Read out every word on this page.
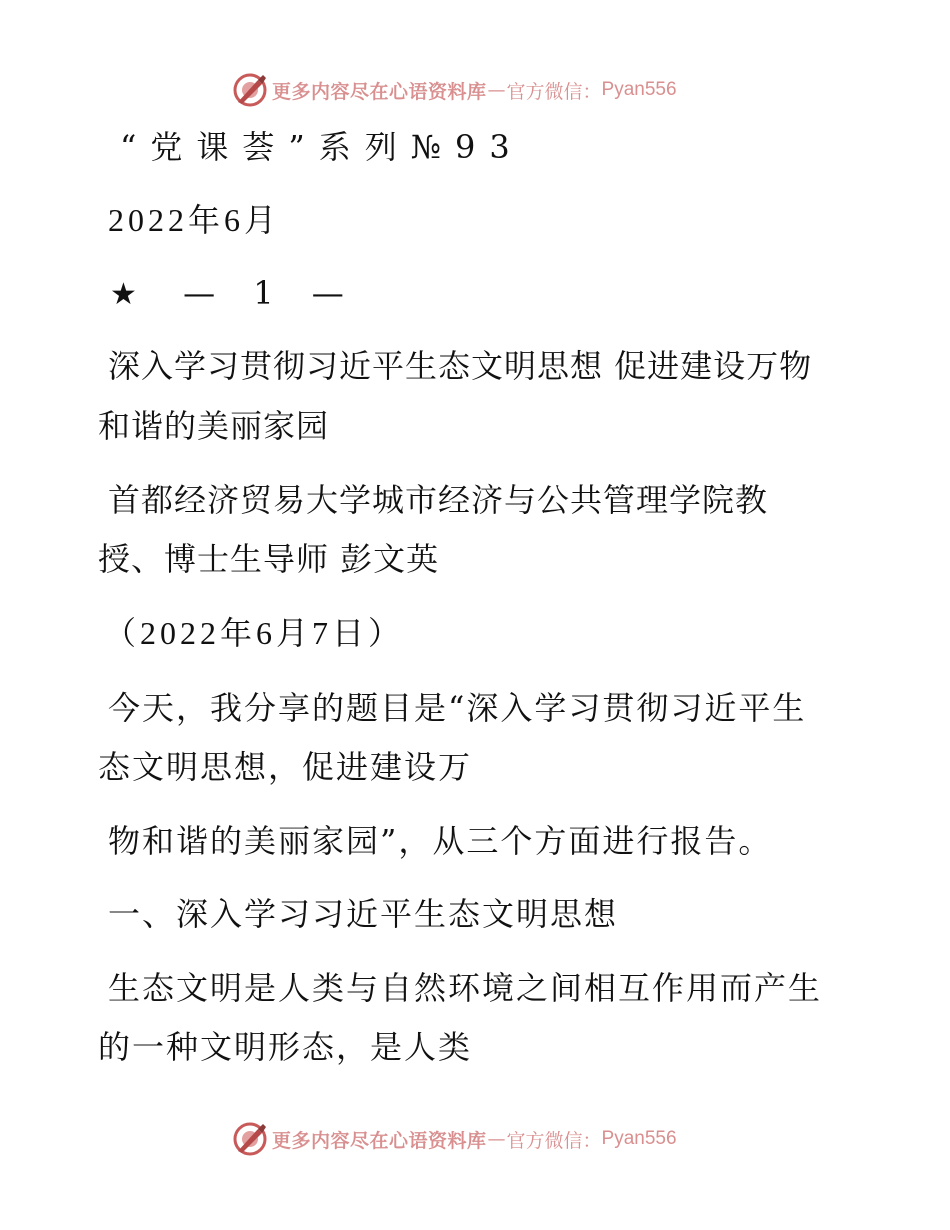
更多内容尽在心语资料库 — 官方微信： Pyan556
“党课荟”系列№93
2022年6月
★ — 1 —
深入学习贯彻习近平生态文明思想 促进建设万物
和谐的美丽家园
首都经济贸易大学城市经济与公共管理学院教
授、博士生导师 彭文英
（2022年6月7日）
今天，我分享的题目是“深入学习贯彻习近平生
态文明思想，促进建设万
物和谐的美丽家园”，从三个方面进行报告。
一、深入学习习近平生态文明思想
生态文明是人类与自然环境之间相互作用而产生
的一种文明形态，是人类
更多内容尽在心语资料库 — 官方微信： Pyan556
